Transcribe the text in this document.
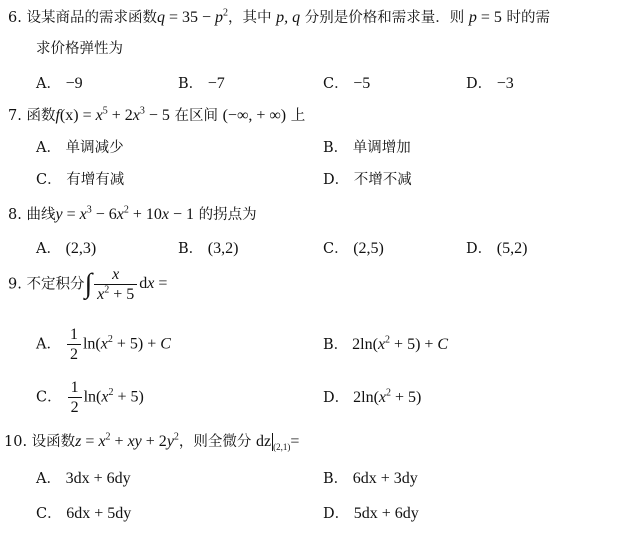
6. 设某商品的需求函数$q = 35 - p^2$，其中 p, q 分别是价格和需求量．则 p = 5 时的需
求价格弹性为
A． −9	B． −7	C． −5	D． −3
7. 函数$f(x) = x^5 + 2x^3 - 5$ 在区间 (−∞, + ∞) 上
A． 单调减少	B． 单调增加
C． 有增有减	D． 不增不减
8. 曲线$y = x^3 - 6x^2 + 10x - 1$ 的拐点为
A． (2,3)	B． (3,2)	C． (2,5)	D． (5,2)
9. 不定积分∫ $\frac{x}{x^2 + 5}$ dx =
A． $\frac{1}{2} \ln(x^2 + 5) + C$	B． $2\ln(x^2 + 5) + C$
C． $\frac{1}{2} \ln(x^2 + 5)$	D． $2\ln(x^2 + 5)$
10. 设函数$z = x^2$ + xy + $2y^2$，则全微分 dz $_{(2,1)}$=
A． 3dx + 6dy	B． 6dx + 3dy
C． 6dx + 5dy	D． 5dx + 6dy
